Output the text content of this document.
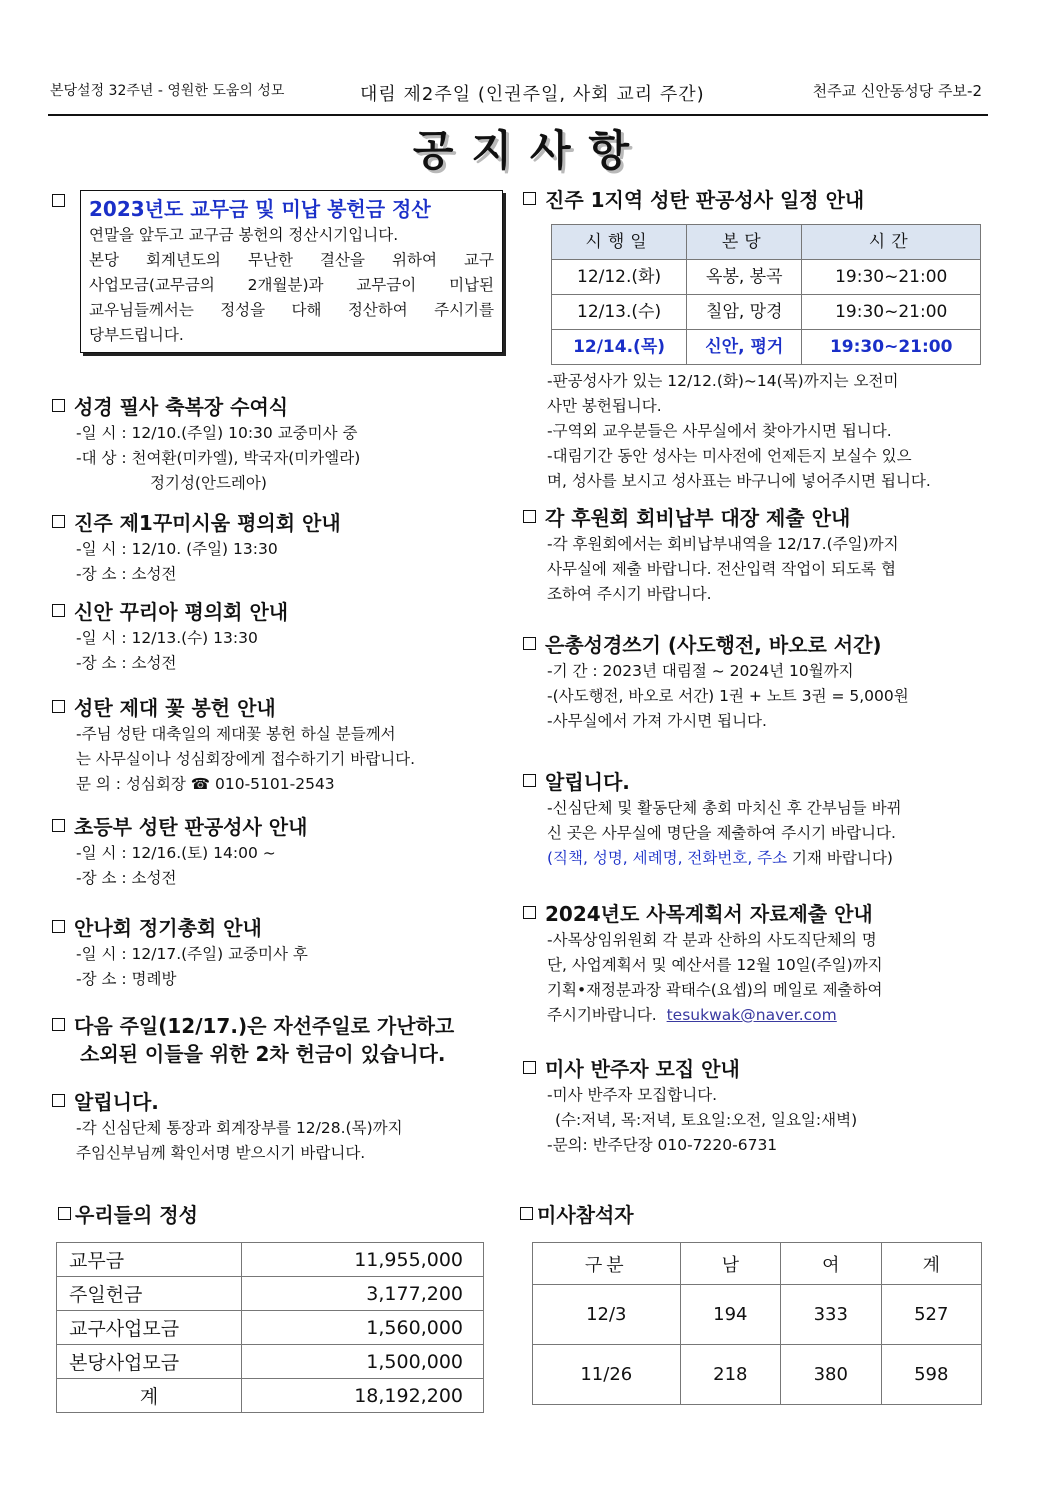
본당설정 32주년 - 영원한 도움의 성모	대림 제2주일 (인권주일, 사회 교리 주간)	천주교 신안동성당 주보-2
공지사항
2023년도 교무금 및 미납 봉헌금 정산
연말을 앞두고 교구금 봉헌의 정산시기입니다.
본당 회계년도의 무난한 결산을 위하여 교구
사업모금(교무금의 2개월분)과 교무금이 미납된
교우님들께서는 정성을 다해 정산하여 주시기를
당부드립니다.
성경 필사 축복장 수여식
-일 시 : 12/10.(주일) 10:30 교중미사 중
-대 상 : 천여환(미카엘), 박국자(미카엘라)
정기성(안드레아)
진주 제1꾸미시움 평의회 안내
-일 시 : 12/10. (주일) 13:30
-장 소 : 소성전
신안 꾸리아 평의회 안내
-일 시 : 12/13.(수) 13:30
-장 소 : 소성전
성탄 제대 꽃 봉헌 안내
-주님 성탄 대축일의 제대꽃 봉헌 하실 분들께서
는 사무실이나 성심회장에게 접수하기기 바랍니다.
문 의 : 성심회장 ☎ 010-5101-2543
초등부 성탄 판공성사 안내
-일 시 : 12/16.(토) 14:00 ~
-장 소 : 소성전
안나회 정기총회 안내
-일 시 : 12/17.(주일) 교중미사 후
-장 소 : 명례방
다음 주일(12/17.)은 자선주일로 가난하고
소외된 이들을 위한 2차 헌금이 있습니다.
알립니다.
-각 신심단체 통장과 회계장부를 12/28.(목)까지
주임신부님께 확인서명 받으시기 바랍니다.
진주 1지역 성탄 판공성사 일정 안내
시행일	본당	시간
12/12.(화)	옥봉, 봉곡	19:30~21:00
12/13.(수)	칠암, 망경	19:30~21:00
12/14.(목)	신안, 평거	19:30~21:00
-판공성사가 있는 12/12.(화)~14(목)까지는 오전미
사만 봉헌됩니다.
-구역외 교우분들은 사무실에서 찾아가시면 됩니다.
-대림기간 동안 성사는 미사전에 언제든지 보실수 있으
며, 성사를 보시고 성사표는 바구니에 넣어주시면 됩니다.
각 후원회 회비납부 대장 제출 안내
-각 후원회에서는 회비납부내역을 12/17.(주일)까지
사무실에 제출 바랍니다. 전산입력 작업이 되도록 협
조하여 주시기 바랍니다.
은총성경쓰기 (사도행전, 바오로 서간)
-기 간 : 2023년 대림절 ~ 2024년 10월까지
-(사도행전, 바오로 서간) 1권 + 노트 3권 = 5,000원
-사무실에서 가져 가시면 됩니다.
알립니다.
-신심단체 및 활동단체 총회 마치신 후 간부님들 바뀌
신 곳은 사무실에 명단을 제출하여 주시기 바랍니다.
(직책, 성명, 세례명, 전화번호, 주소 기재 바랍니다)
2024년도 사목계획서 자료제출 안내
-사목상임위원회 각 분과 산하의 사도직단체의 명
단, 사업계획서 및 예산서를 12월 10일(주일)까지
기획•재정분과장 곽태수(요셉)의 메일로 제출하여
주시기바랍니다. tesukwak@naver.com
미사 반주자 모집 안내
-미사 반주자 모집합니다.
(수:저녁, 목:저녁, 토요일:오전, 일요일:새벽)
-문의: 반주단장 010-7220-6731
우리들의 정성
교무금	11,955,000
주일헌금	3,177,200
교구사업모금	1,560,000
본당사업모금	1,500,000
계	18,192,200
미사참석자
구분	남	여	계
12/3	194	333	527
11/26	218	380	598
